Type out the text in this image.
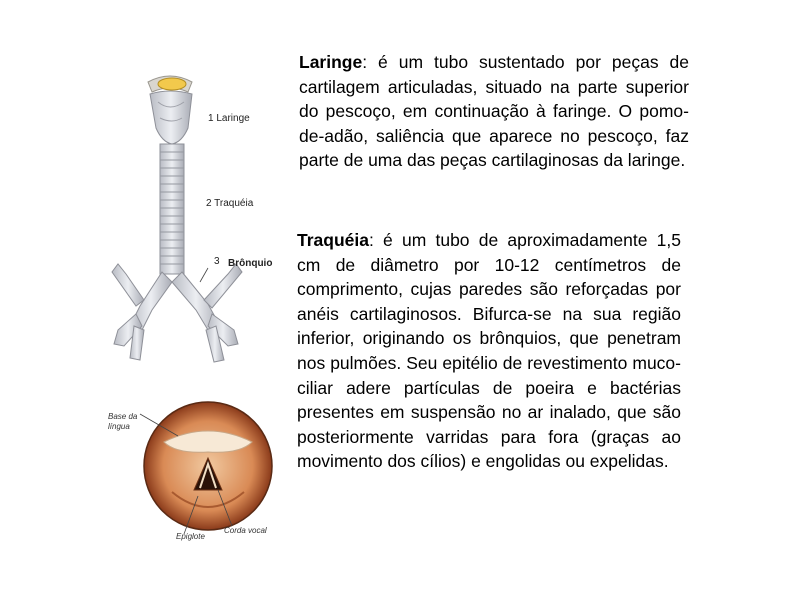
1 Laringe
2 Traquéia
3 Brônquio
Base da língua
Epiglote
Corda vocal
Laringe: é um tubo sustentado por peças de cartilagem articuladas, situado na parte superior do pescoço, em continuação à faringe. O pomo-de-adão, saliência que aparece no pescoço, faz parte de uma das peças cartilaginosas da laringe.
Traquéia: é um tubo de aproximadamente 1,5 cm de diâmetro por 10-12 centímetros de comprimento, cujas paredes são reforçadas por anéis cartilaginosos. Bifurca-se na sua região inferior, originando os brônquios, que penetram nos pulmões. Seu epitélio de revestimento muco-ciliar adere partículas de poeira e bactérias presentes em suspensão no ar inalado, que são posteriormente varridas para fora (graças ao movimento dos cílios) e engolidas ou expelidas.
